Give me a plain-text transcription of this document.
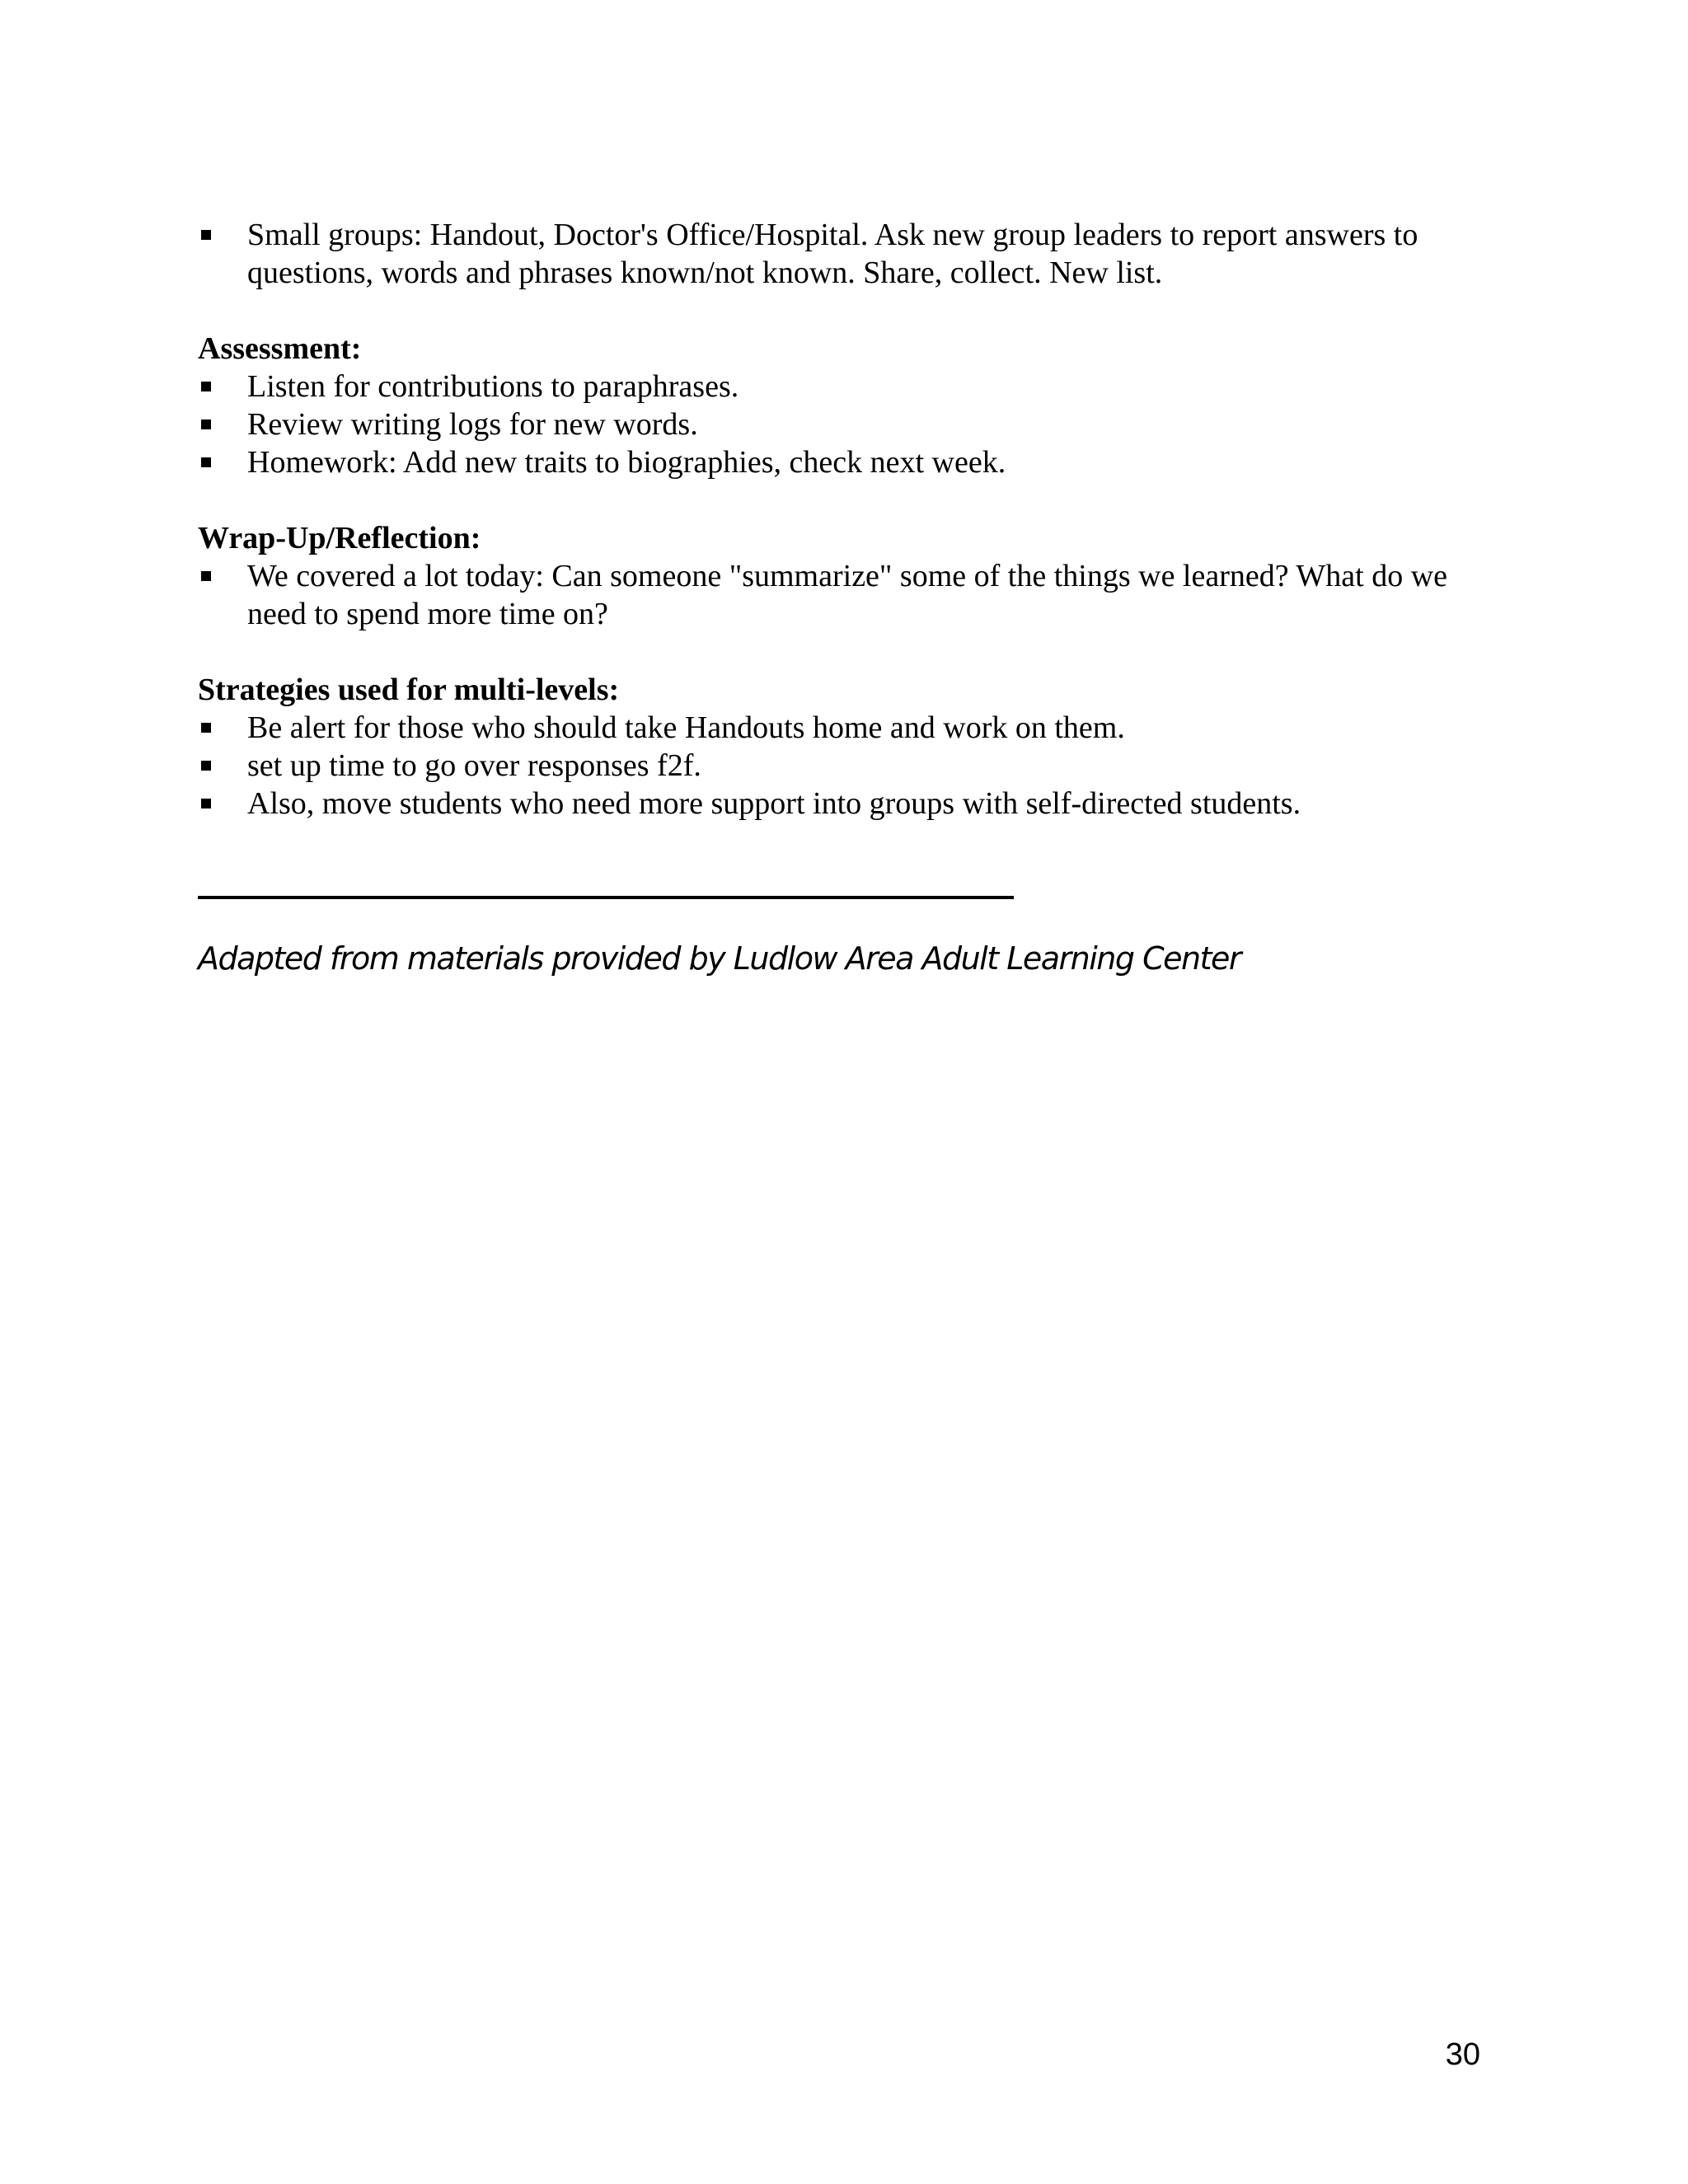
Small groups: Handout, Doctor's Office/Hospital. Ask new group leaders to report answers to questions, words and phrases known/not known. Share, collect. New list.
Assessment:
Listen for contributions to paraphrases.
Review writing logs for new words.
Homework: Add new traits to biographies, check next week.
Wrap-Up/Reflection:
We covered a lot today: Can someone "summarize" some of the things we learned? What do we need to spend more time on?
Strategies used for multi-levels:
Be alert for those who should take Handouts home and work on them.
set up time to go over responses f2f.
Also, move students who need more support into groups with self-directed students.
Adapted from materials provided by Ludlow Area Adult Learning Center
30
